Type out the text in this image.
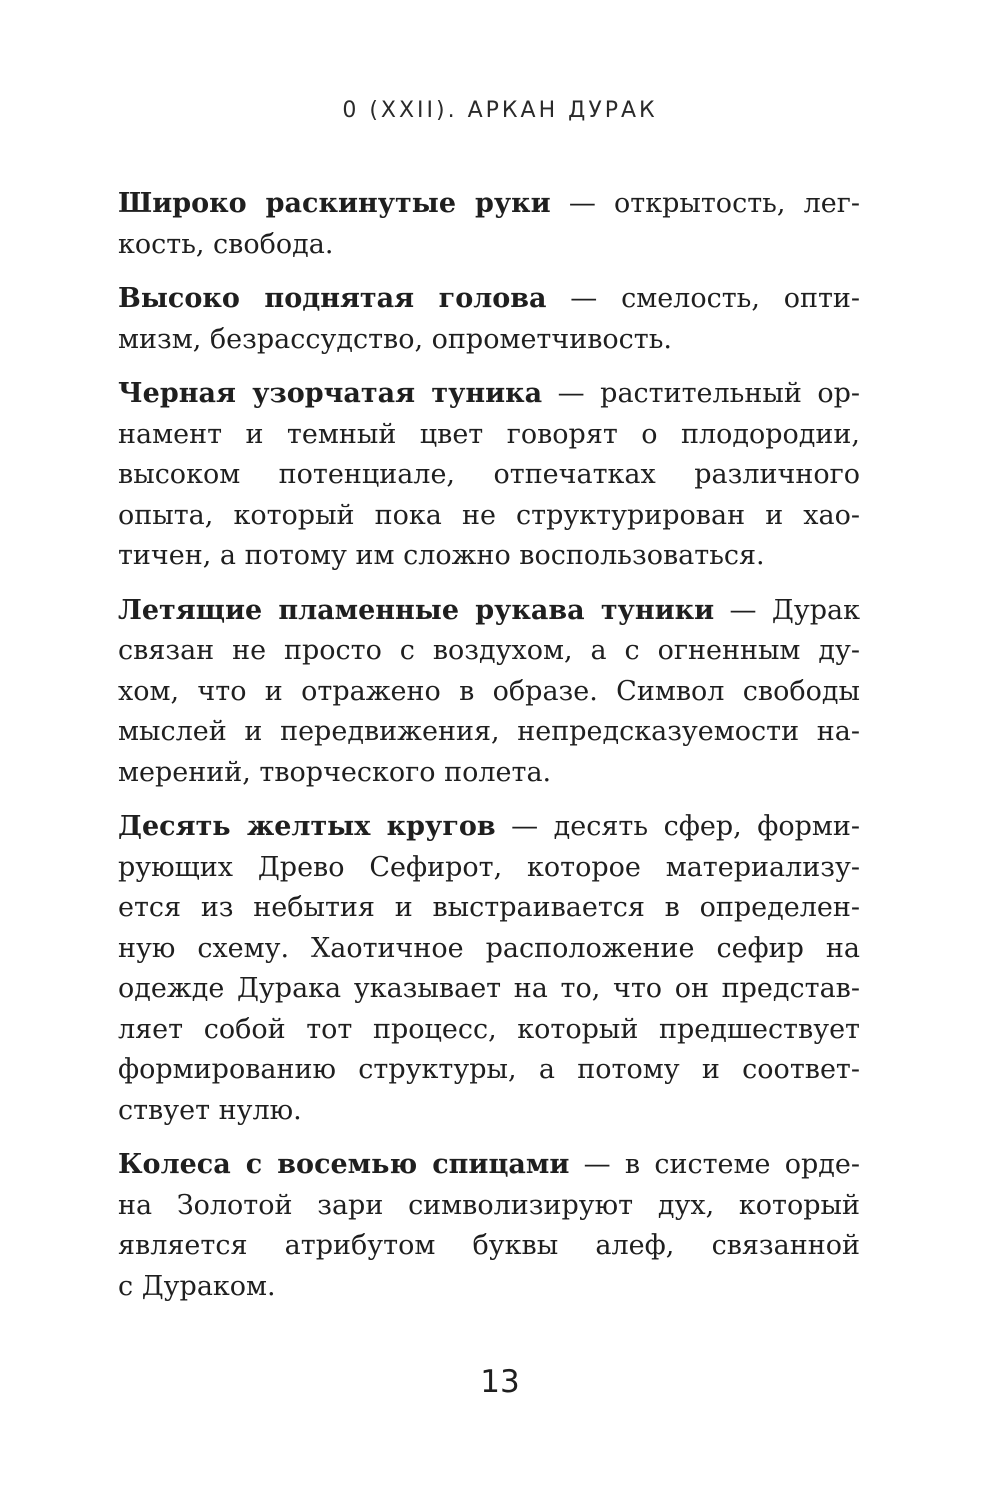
0 (XXII). АРКАН ДУРАК

Широко раскинутые руки — открытость, лег-
кость, свобода.

Высоко поднятая голова — смелость, опти-
мизм, безрассудство, опрометчивость.

Черная узорчатая туника — растительный ор-
намент и темный цвет говорят о плодородии,
высоком потенциале, отпечатках различного
опыта, который пока не структурирован и хао-
тичен, а потому им сложно воспользоваться.

Летящие пламенные рукава туники — Дурак
связан не просто с воздухом, а с огненным ду-
хом, что и отражено в образе. Символ свободы
мыслей и передвижения, непредсказуемости на-
мерений, творческого полета.

Десять желтых кругов — десять сфер, форми-
рующих Древо Сефирот, которое материализу-
ется из небытия и выстраивается в определен-
ную схему. Хаотичное расположение сефир на
одежде Дурака указывает на то, что он представ-
ляет собой тот процесс, который предшествует
формированию структуры, а потому и соответ-
ствует нулю.

Колеса с восемью спицами — в системе орде-
на Золотой зари символизируют дух, который
является атрибутом буквы алеф, связанной
с Дураком.

13
